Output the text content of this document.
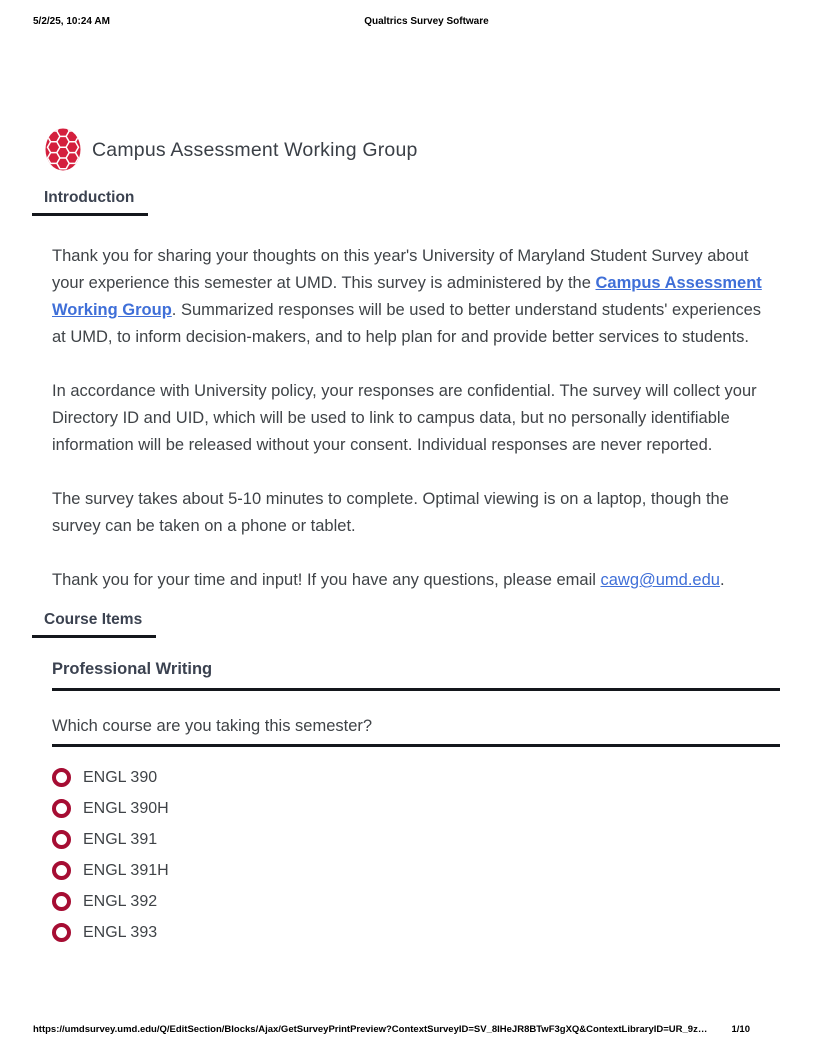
5/2/25, 10:24 AM	Qualtrics Survey Software
Campus Assessment Working Group
Introduction

Thank you for sharing your thoughts on this year's University of Maryland Student Survey about your experience this semester at UMD. This survey is administered by the Campus Assessment Working Group. Summarized responses will be used to better understand students' experiences at UMD, to inform decision-makers, and to help plan for and provide better services to students.

In accordance with University policy, your responses are confidential. The survey will collect your Directory ID and UID, which will be used to link to campus data, but no personally identifiable information will be released without your consent. Individual responses are never reported.

The survey takes about 5-10 minutes to complete. Optimal viewing is on a laptop, though the survey can be taken on a phone or tablet.

Thank you for your time and input! If you have any questions, please email cawg@umd.edu.

Course Items
Professional Writing
Which course are you taking this semester?
ENGL 390
ENGL 390H
ENGL 391
ENGL 391H
ENGL 392
ENGL 393
https://umdsurvey.umd.edu/Q/EditSection/Blocks/Ajax/GetSurveyPrintPreview?ContextSurveyID=SV_8IHeJR8BTwF3gXQ&ContextLibraryID=UR_9z…	1/10
